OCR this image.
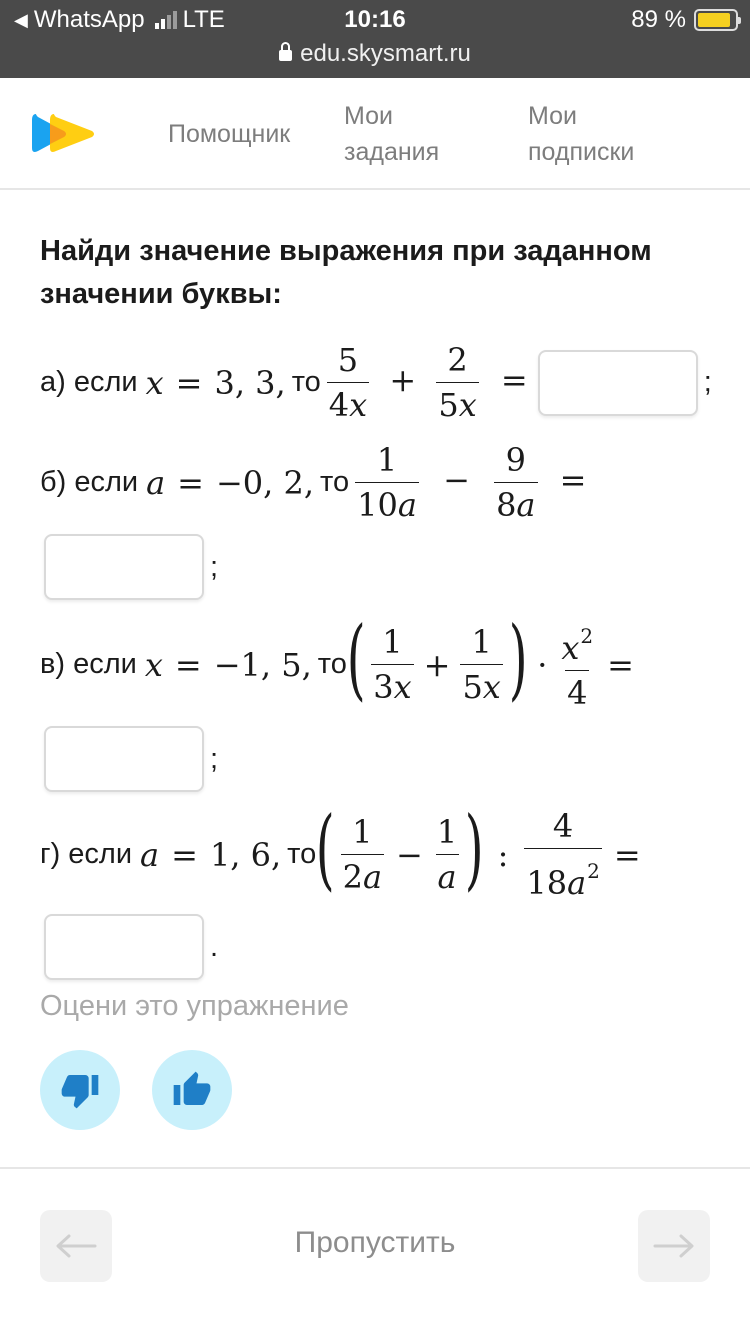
◀ WhatsApp LTE	10:16	89 %
edu.skysmart.ru
Помощник
Мои
задания
Мои
подписки
Найди значение выражения при заданном
значении буквы:
а) если x = 3, 3, то $\frac{5}{4x} + \frac{2}{5x}$ =	;
б) если a = −0, 2, то $\frac{1}{10a} - \frac{9}{8a}$ =
;
в) если x = −1, 5, то ( $\frac{1}{3x} + \frac{1}{5x}$ ) · $\frac{x^2}{4}$ =
;
г) если a = 1, 6, то ( $\frac{1}{2a} - \frac{1}{a}$ ) : $\frac{4}{18a^2}$ =
.
Оцени это упражнение
Пропустить
